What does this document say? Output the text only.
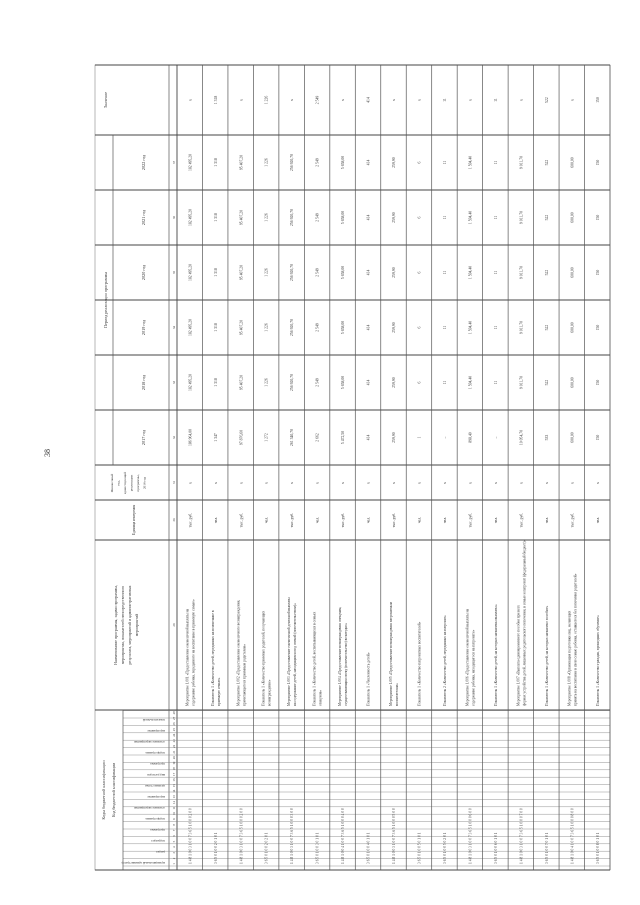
38
Коды бюджетной классификации Код бюджетной классификации
муниципальный администратор
раздел
подраздел
программа
подпрограмма
основное мероприятие
мероприятие
целевая статья
вид расходов
программа
подпрограмма
основное мероприятие
мероприятие
показатель/иной
Наименование программы, задачи программы, мероприятия, показателей непосредственного результата, мероприятий и административных мероприятий
Единица измерения
Финансовый год, едшествующий реализации программы, 2016 год
Период реализации программы
2017 год
2018 год
2019 год
2020 год
2021 год
2022 год
Значение
1
2
3
4
5
6
7
8
9
10
11
12
13
14
15
16
17
18
19
20
21
22
23
24
25
26
27
28
29
30
31
32
33
34
35
36
37
1 4 8 1 0 0 3 1 0 0 7 3 6 5 1 0 0 0 2 0 0
Мероприятие 1.001 «Предоставление ежемесячной выплаты на содержание ребенка, переданного на воспитание в приемную семью»
тыс. руб.
х
186 964,00
182 495,20
182 495,20
182 495,20
182 495,20
182 495,20
х
3 6 5 0 1 0 0 2 0 1 0 1
Показатель 1 «Количество детей, переданных на воспитание в приемную семью»
чел.
х
1 347
1 318
1 318
1 318
1 318
1 318
1 318
1 4 8 1 0 0 3 1 0 0 7 3 6 5 1 0 0 0 2 0 0
Мероприятие 1.002 «Предоставление ежемесячного вознаграждения, причитающегося приемным родителям»
тыс. руб.
х
97 876,60
95 407,20
95 407,20
95 407,20
95 407,20
95 407,20
х
3 6 5 0 1 0 0 2 0 2 0 1
Показатель 1 «Количество приемных родителей, получающих вознаграждение»
чел.
х
1 272
1 226
1 226
1 226
1 226
1 226
1 226
1 4 8 1 0 0 3 1 0 0 7 3 6 5 1 0 0 0 3 0 0
Мероприятие 1.003 «Предоставление ежемесячной денежной выплаты на содержание детей, находящихся под опекой (попечительством)»
тыс. руб.
х
261 340,70
256 920,70
256 920,70
256 920,70
256 920,70
256 920,70
х
3 6 5 0 1 0 0 3 0 1 0 1
Показатель 1 «Количество детей, воспитывающихся в семьях опекунов»
чел.
х
2 662
2 549
2 549
2 549
2 549
2 549
2 549
1 4 8 1 0 0 4 1 0 0 7 3 6 5 1 0 0 0 4 0 0
Мероприятие 1.004 «Предоставление вознаграждения опекунам, осуществляющим опеку (попечительство) возмездно»
тыс. руб.
х
5 472,50
5 658,00
5 658,00
5 658,00
5 658,00
5 658,00
х
3 6 5 0 1 0 0 4 0 1 0 1
Показатель 1 «Численность детей»
чел.
х
414
414
414
414
414
414
414
1 4 8 1 0 0 3 1 0 0 7 3 6 5 1 0 0 0 5 0 0
Мероприятие 1.005 «Предоставление вознаграждения патронатным воспитателям»
тыс. руб.
х
259,90
259,90
259,90
259,90
259,90
259,90
х
3 6 5 0 1 0 0 5 0 1 0 1
Показатель 1 «Количество патронатных воспитателей»
чел.
х
1
6
6
6
6
6
х
3 6 5 0 1 0 0 5 0 2 0 1
Показатель 2 «Количество детей, переданных на патронат»
чел.
х
–
11
11
11
11
11
11
1 4 8 1 0 0 3 1 0 0 7 3 6 5 1 0 0 0 6 0 0
Мероприятие 1.006 «Предоставление ежемесячной выплаты на содержание ребенка, находящегося на патронате»
тыс. руб.
х
898,40
1 594,40
1 594,40
1 594,40
1 594,40
1 594,40
х
3 6 5 0 1 0 0 6 0 1 0 1
Показатель 1 «Количество детей, на которых назначены выплаты»
чел.
х
–
11
11
11
11
11
11
1 4 8 1 0 0 3 1 0 0 7 3 6 5 1 0 0 0 7 0 0
Мероприятие 1.007 «Выплата единовременного пособия при всех формах устройства детей, лишенных родительского попечения, в семью и патронат (федеральный бюджет)»
тыс. руб.
х
10 054,70
9 011,70
9 011,70
9 011,70
9 011,70
9 011,70
х
3 6 5 0 1 0 0 7 0 1 0 1
Показатель 1 «Количество детей, на которых назначено пособие»
чел.
х
533
522
522
522
522
522
522
1 4 8 1 0 0 4 1 0 0 7 3 6 5 1 0 0 0 8 0 0
Мероприятие 1.008 «Организация подготовки лиц, желающих принять на воспитание в свою семью ребенка, оставшегося без попечения родителей»
тыс. руб.
х
600,00
600,00
600,00
600,00
600,00
600,00
х
3 6 5 0 1 0 0 8 0 1 0 1
Показатель 1 «Количество граждан, прошедших обучение»
чел.
х
150
150
150
150
150
150
150
